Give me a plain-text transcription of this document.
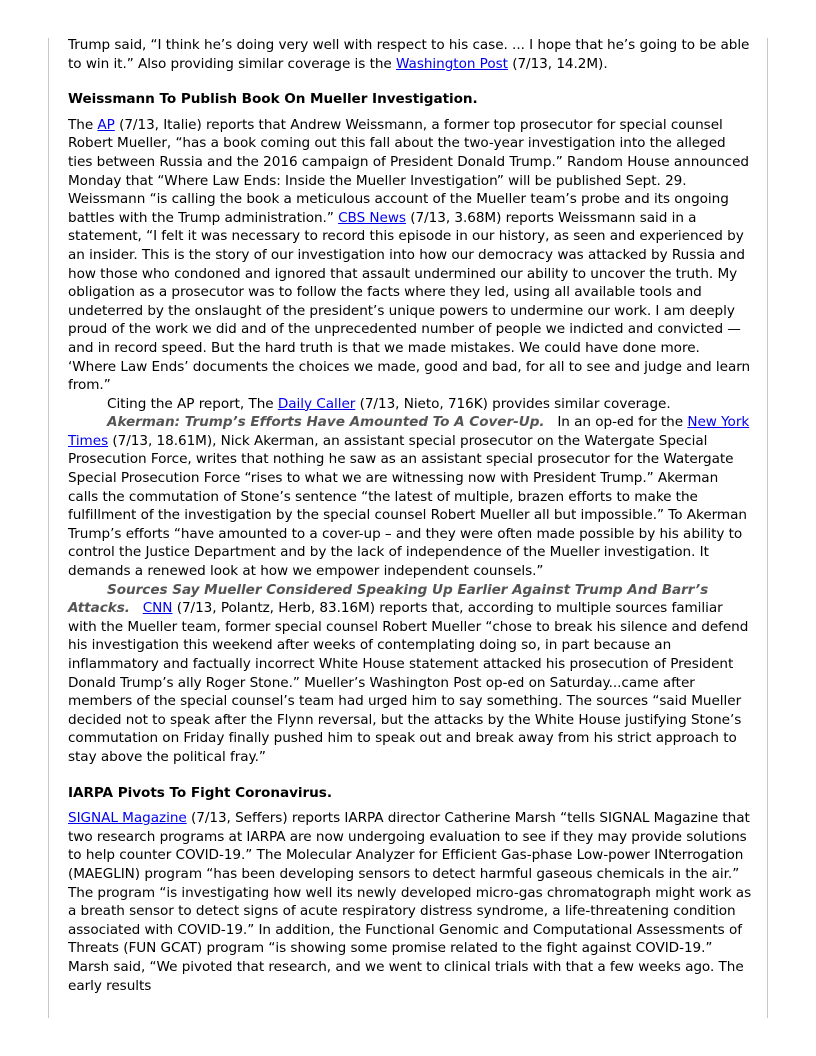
Trump said, “I think he’s doing very well with respect to his case. ... I hope that he’s going to be able to win it.” Also providing similar coverage is the Washington Post (7/13, 14.2M).

Weissmann To Publish Book On Mueller Investigation.

The AP (7/13, Italie) reports that Andrew Weissmann, a former top prosecutor for special counsel Robert Mueller, “has a book coming out this fall about the two-year investigation into the alleged ties between Russia and the 2016 campaign of President Donald Trump.” Random House announced Monday that “Where Law Ends: Inside the Mueller Investigation” will be published Sept. 29. Weissmann “is calling the book a meticulous account of the Mueller team’s probe and its ongoing battles with the Trump administration.” CBS News (7/13, 3.68M) reports Weissmann said in a statement, “I felt it was necessary to record this episode in our history, as seen and experienced by an insider. This is the story of our investigation into how our democracy was attacked by Russia and how those who condoned and ignored that assault undermined our ability to uncover the truth. My obligation as a prosecutor was to follow the facts where they led, using all available tools and undeterred by the onslaught of the president’s unique powers to undermine our work. I am deeply proud of the work we did and of the unprecedented number of people we indicted and convicted — and in record speed. But the hard truth is that we made mistakes. We could have done more. ‘Where Law Ends’ documents the choices we made, good and bad, for all to see and judge and learn from.”

Citing the AP report, The Daily Caller (7/13, Nieto, 716K) provides similar coverage.

Akerman: Trump’s Efforts Have Amounted To A Cover-Up.   In an op-ed for the New York Times (7/13, 18.61M), Nick Akerman, an assistant special prosecutor on the Watergate Special Prosecution Force, writes that nothing he saw as an assistant special prosecutor for the Watergate Special Prosecution Force “rises to what we are witnessing now with President Trump.” Akerman calls the commutation of Stone’s sentence “the latest of multiple, brazen efforts to make the fulfillment of the investigation by the special counsel Robert Mueller all but impossible.” To Akerman Trump’s efforts “have amounted to a cover-up – and they were often made possible by his ability to control the Justice Department and by the lack of independence of the Mueller investigation. It demands a renewed look at how we empower independent counsels.”

Sources Say Mueller Considered Speaking Up Earlier Against Trump And Barr’s Attacks. CNN (7/13, Polantz, Herb, 83.16M) reports that, according to multiple sources familiar with the Mueller team, former special counsel Robert Mueller “chose to break his silence and defend his investigation this weekend after weeks of contemplating doing so, in part because an inflammatory and factually incorrect White House statement attacked his prosecution of President Donald Trump’s ally Roger Stone.” Mueller’s Washington Post op-ed on Saturday...came after members of the special counsel’s team had urged him to say something. The sources “said Mueller decided not to speak after the Flynn reversal, but the attacks by the White House justifying Stone’s commutation on Friday finally pushed him to speak out and break away from his strict approach to stay above the political fray.”

IARPA Pivots To Fight Coronavirus.

SIGNAL Magazine (7/13, Seffers) reports IARPA director Catherine Marsh “tells SIGNAL Magazine that two research programs at IARPA are now undergoing evaluation to see if they may provide solutions to help counter COVID-19.” The Molecular Analyzer for Efficient Gas-phase Low-power INterrogation (MAEGLIN) program “has been developing sensors to detect harmful gaseous chemicals in the air.” The program “is investigating how well its newly developed micro-gas chromatograph might work as a breath sensor to detect signs of acute respiratory distress syndrome, a life-threatening condition associated with COVID-19.” In addition, the Functional Genomic and Computational Assessments of Threats (FUN GCAT) program “is showing some promise related to the fight against COVID-19.” Marsh said, “We pivoted that research, and we went to clinical trials with that a few weeks ago. The early results
